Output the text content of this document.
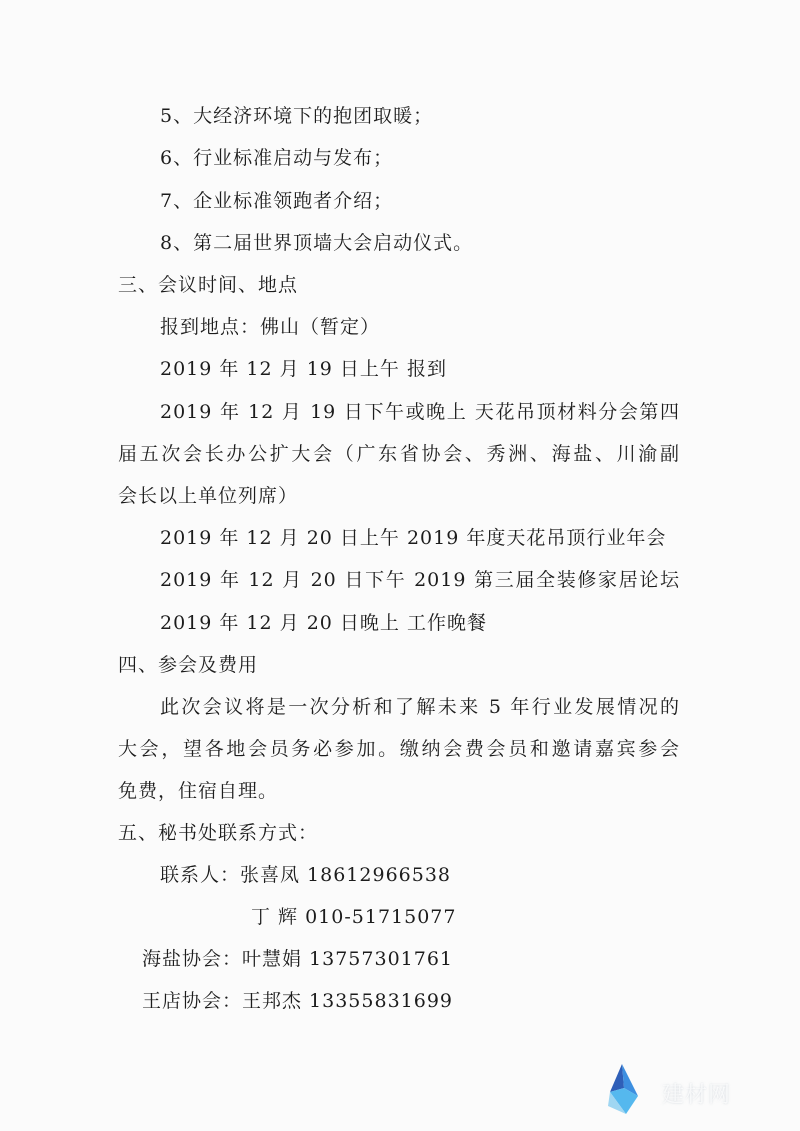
5、大经济环境下的抱团取暖；
6、行业标准启动与发布；
7、企业标准领跑者介绍；
8、第二届世界顶墙大会启动仪式。
三、会议时间、地点
报到地点：佛山（暂定）
2019 年 12 月 19 日上午 报到
2019 年 12 月 19 日下午或晚上 天花吊顶材料分会第四
届五次会长办公扩大会（广东省协会、秀洲、海盐、川渝副
会长以上单位列席）
2019 年 12 月 20 日上午 2019 年度天花吊顶行业年会
2019 年 12 月 20 日下午 2019 第三届全装修家居论坛
2019 年 12 月 20 日晚上 工作晚餐
四、参会及费用
此次会议将是一次分析和了解未来 5 年行业发展情况的
大会，望各地会员务必参加。缴纳会费会员和邀请嘉宾参会
免费，住宿自理。
五、秘书处联系方式：
联系人：张喜凤 18612966538
丁 辉 010-51715077
海盐协会：叶慧娟 13757301761
王店协会：王邦杰 13355831699
建材网
